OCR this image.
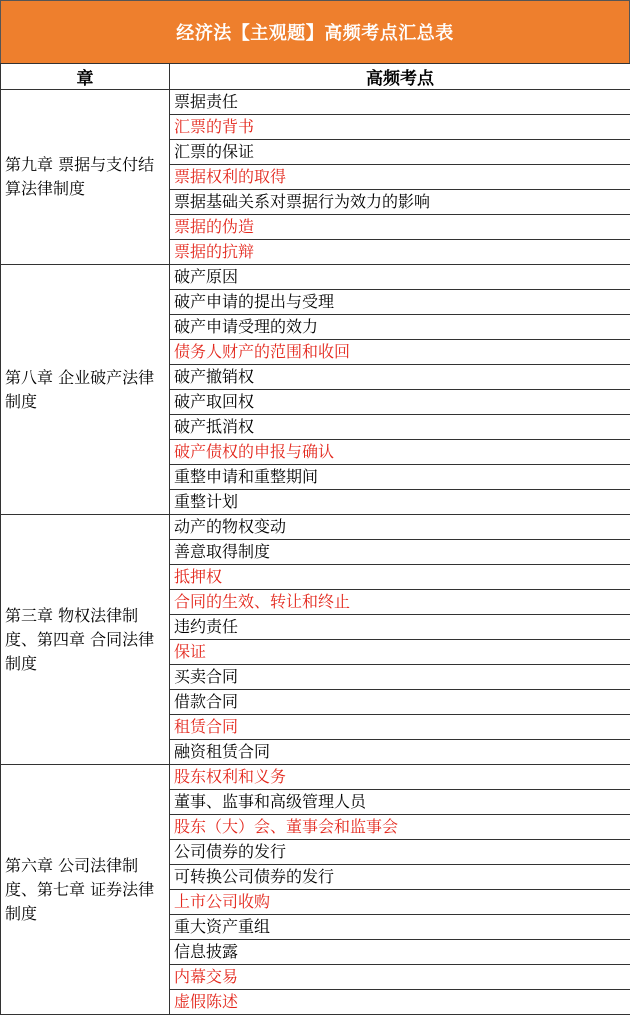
经济法【主观题】高频考点汇总表
章	高频考点
第九章 票据与支付结算法律制度	票据责任
	汇票的背书
	汇票的保证
	票据权利的取得
	票据基础关系对票据行为效力的影响
	票据的伪造
	票据的抗辩
第八章 企业破产法律制度	破产原因
	破产申请的提出与受理
	破产申请受理的效力
	债务人财产的范围和收回
	破产撤销权
	破产取回权
	破产抵消权
	破产债权的申报与确认
	重整申请和重整期间
	重整计划
第三章 物权法律制度、第四章 合同法律制度	动产的物权变动
	善意取得制度
	抵押权
	合同的生效、转让和终止
	违约责任
	保证
	买卖合同
	借款合同
	租赁合同
	融资租赁合同
第六章 公司法律制度、第七章 证券法律制度	股东权利和义务
	董事、监事和高级管理人员
	股东（大）会、董事会和监事会
	公司债券的发行
	可转换公司债券的发行
	上市公司收购
	重大资产重组
	信息披露
	内幕交易
	虚假陈述
